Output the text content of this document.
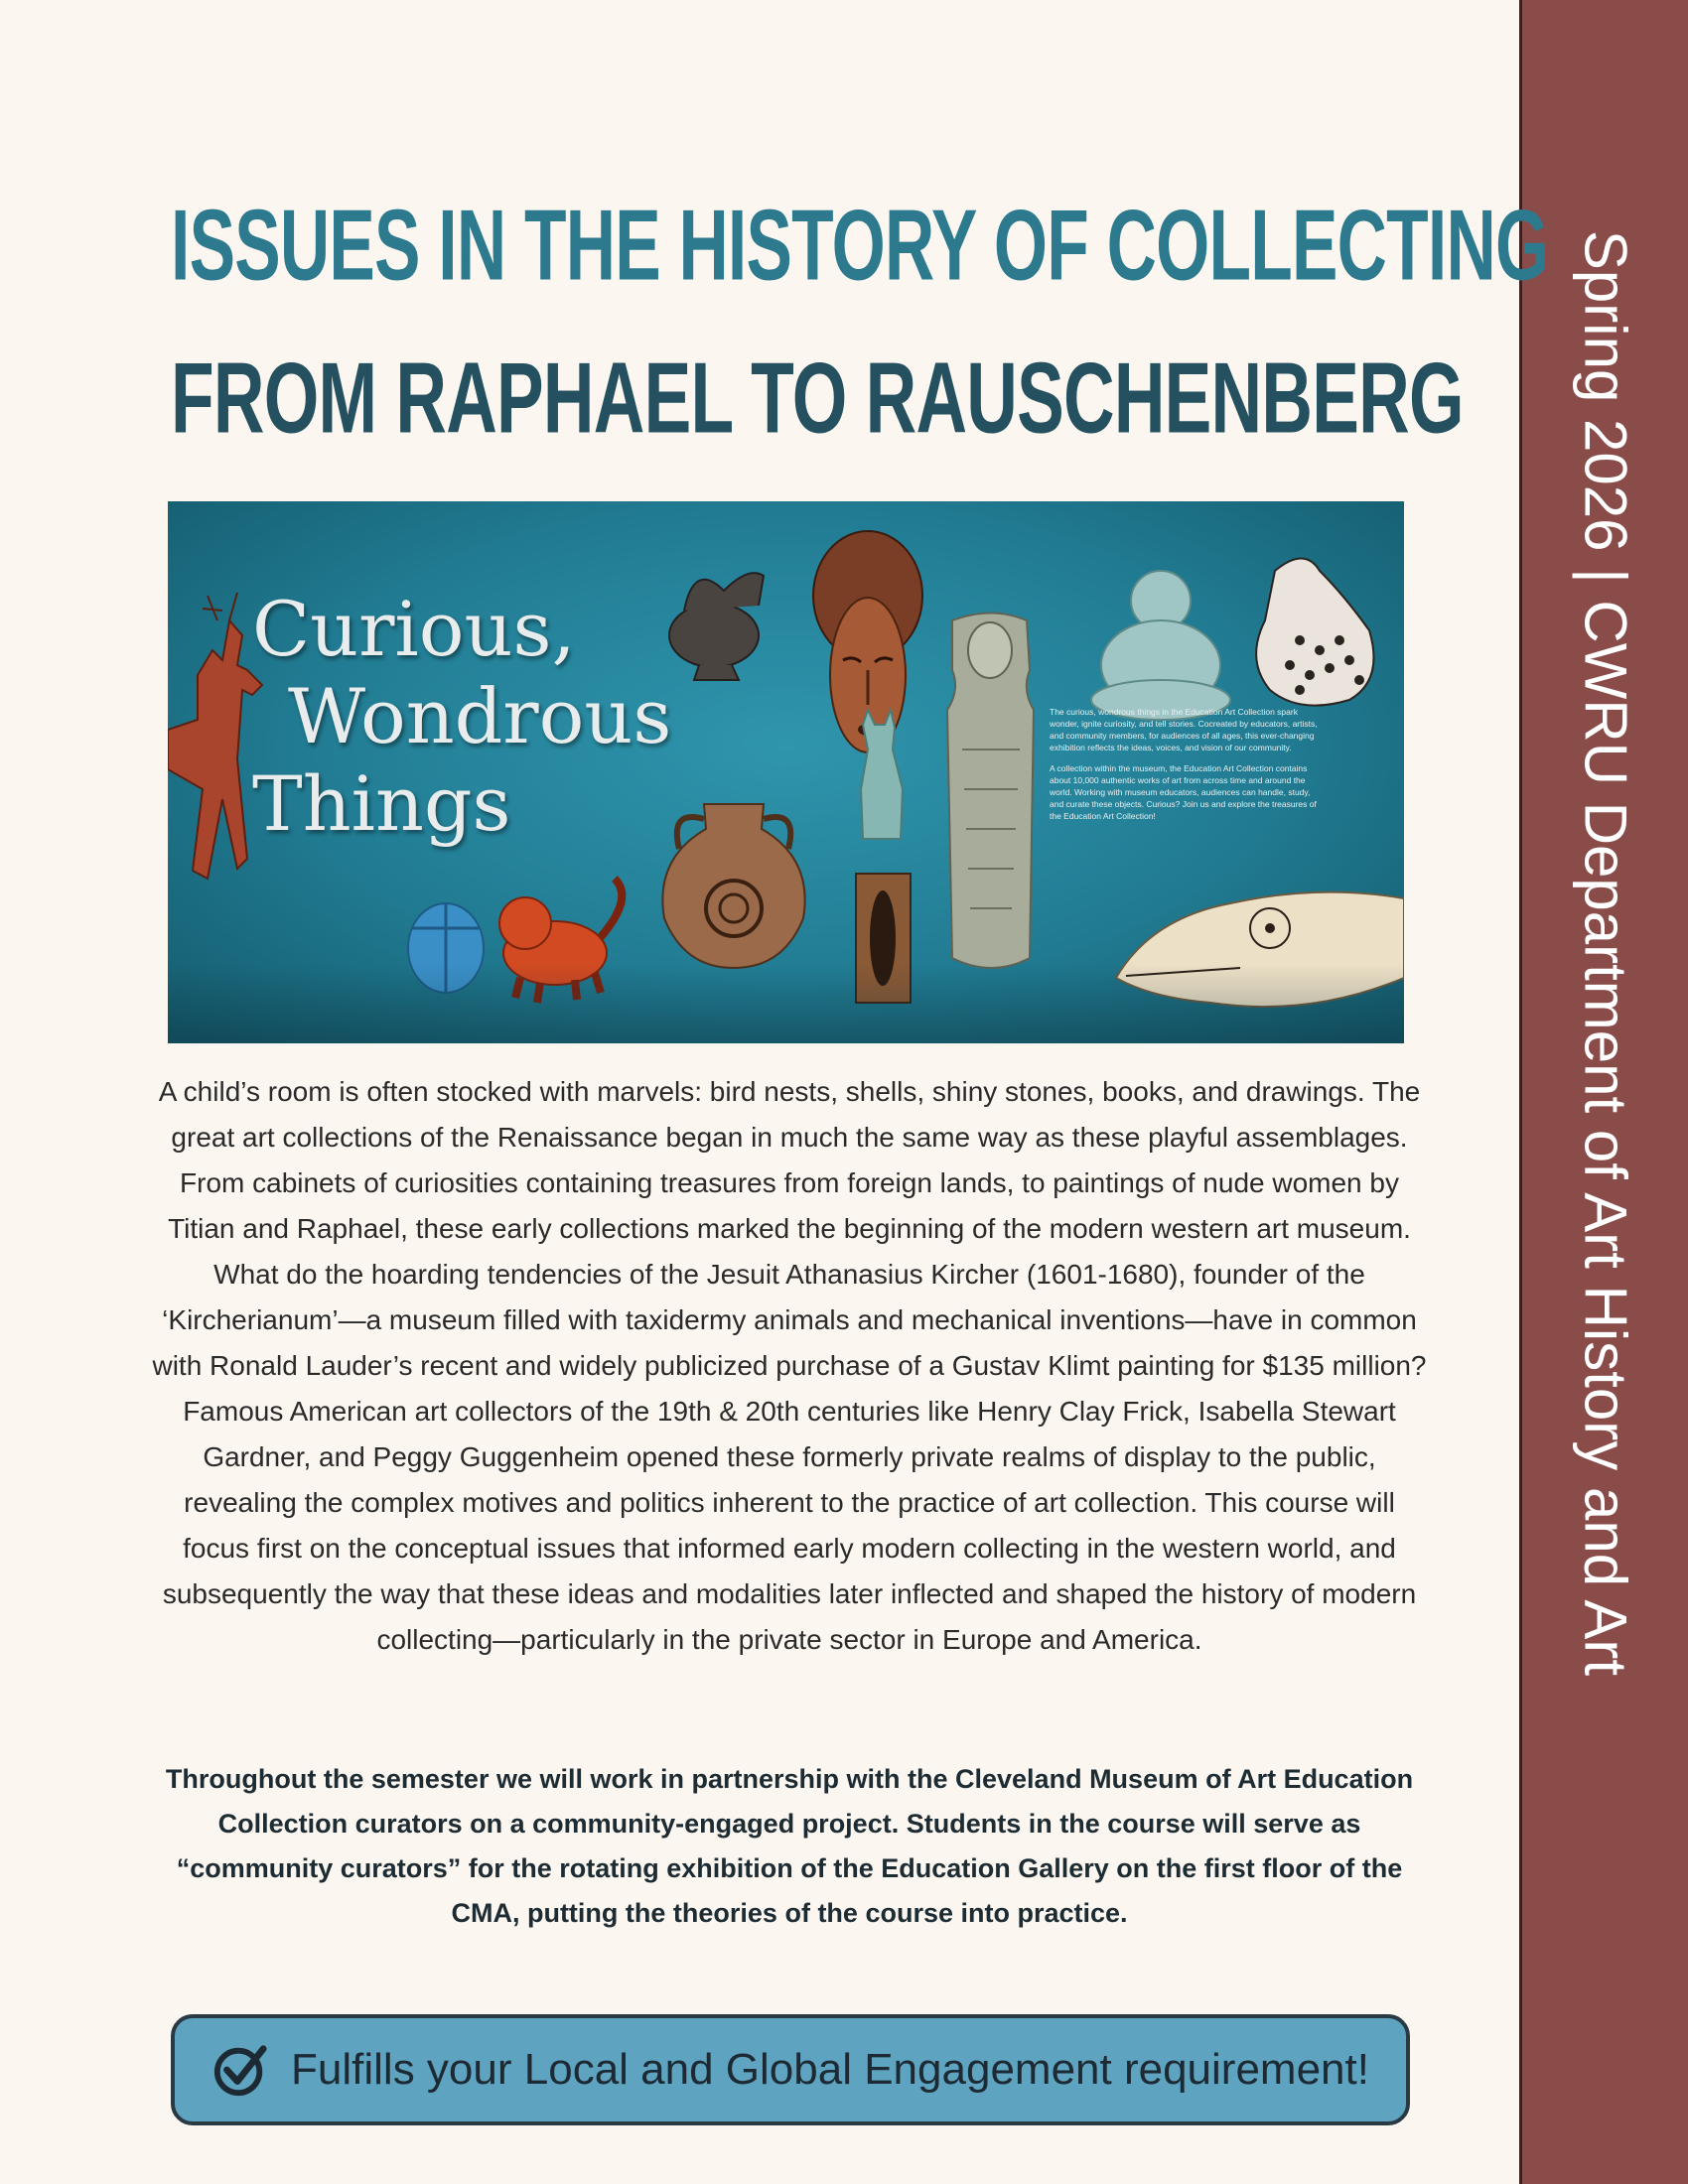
Spring 2026 | CWRU Department of Art History and Art
ISSUES IN THE HISTORY OF COLLECTING
FROM RAPHAEL TO RAUSCHENBERG
Curious,
Wondrous
Things

The curious, wondrous things in the Education Art Collection spark wonder, ignite curiosity, and tell stories. Cocreated by educators, artists, and community members, for audiences of all ages, this ever-changing exhibition reflects the ideas, voices, and vision of our community.

A collection within the museum, the Education Art Collection contains about 10,000 authentic works of art from across time and around the world. Working with museum educators, audiences can handle, study, and curate these objects. Curious? Join us and explore the treasures of the Education Art Collection!

A child’s room is often stocked with marvels: bird nests, shells, shiny stones, books, and drawings. The great art collections of the Renaissance began in much the same way as these playful assemblages. From cabinets of curiosities containing treasures from foreign lands, to paintings of nude women by Titian and Raphael, these early collections marked the beginning of the modern western art museum. What do the hoarding tendencies of the Jesuit Athanasius Kircher (1601-1680), founder of the ‘Kircherianum’—a museum filled with taxidermy animals and mechanical inventions—have in common with Ronald Lauder’s recent and widely publicized purchase of a Gustav Klimt painting for $135 million? Famous American art collectors of the 19th & 20th centuries like Henry Clay Frick, Isabella Stewart Gardner, and Peggy Guggenheim opened these formerly private realms of display to the public, revealing the complex motives and politics inherent to the practice of art collection. This course will focus first on the conceptual issues that informed early modern collecting in the western world, and subsequently the way that these ideas and modalities later inflected and shaped the history of modern collecting—particularly in the private sector in Europe and America.

Throughout the semester we will work in partnership with the Cleveland Museum of Art Education Collection curators on a community-engaged project. Students in the course will serve as “community curators” for the rotating exhibition of the Education Gallery on the first floor of the CMA, putting the theories of the course into practice.

Fulfills your Local and Global Engagement requirement!
